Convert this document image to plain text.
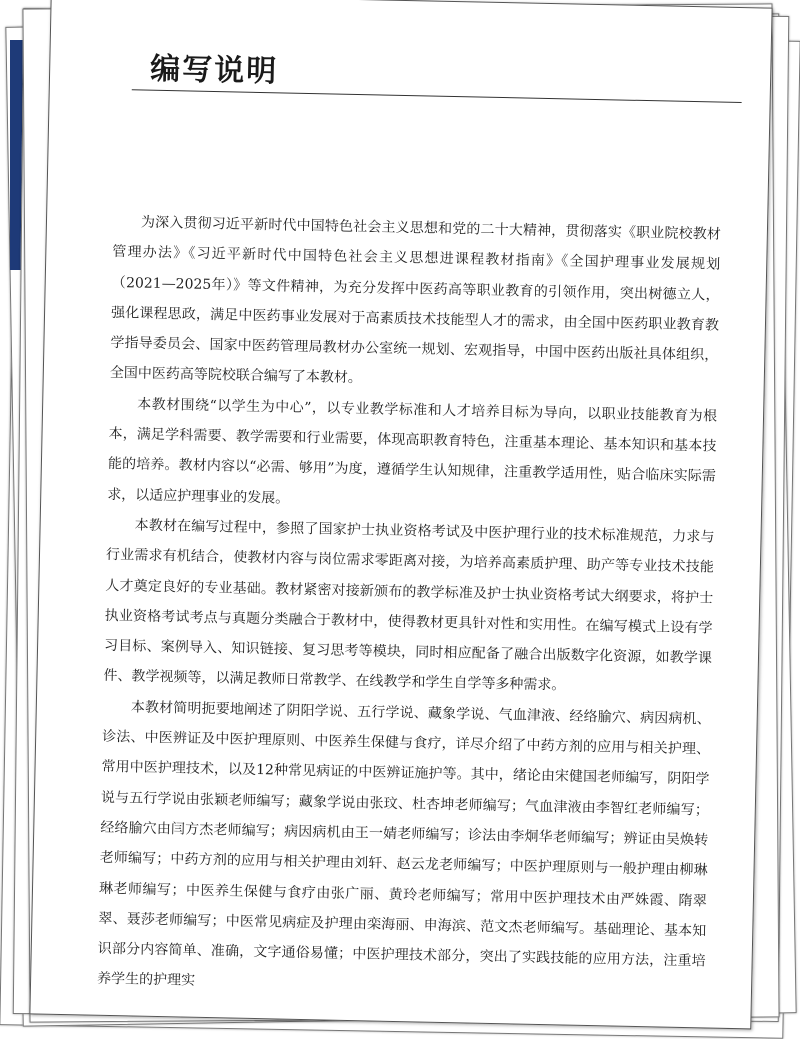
编写说明

为深入贯彻习近平新时代中国特色社会主义思想和党的二十大精神，贯彻落实《职业院校教材管理办法》《习近平新时代中国特色社会主义思想进课程教材指南》《全国护理事业发展规划（2021—2025年）》等文件精神，为充分发挥中医药高等职业教育的引领作用，突出树德立人，强化课程思政，满足中医药事业发展对于高素质技术技能型人才的需求，由全国中医药职业教育教学指导委员会、国家中医药管理局教材办公室统一规划、宏观指导，中国中医药出版社具体组织，全国中医药高等院校联合编写了本教材。

本教材围绕“以学生为中心”，以专业教学标准和人才培养目标为导向，以职业技能教育为根本，满足学科需要、教学需要和行业需要，体现高职教育特色，注重基本理论、基本知识和基本技能的培养。教材内容以“必需、够用”为度，遵循学生认知规律，注重教学适用性，贴合临床实际需求，以适应护理事业的发展。

本教材在编写过程中，参照了国家护士执业资格考试及中医护理行业的技术标准规范，力求与行业需求有机结合，使教材内容与岗位需求零距离对接，为培养高素质护理、助产等专业技术技能人才奠定良好的专业基础。教材紧密对接新颁布的教学标准及护士执业资格考试大纲要求，将护士执业资格考试考点与真题分类融合于教材中，使得教材更具针对性和实用性。在编写模式上设有学习目标、案例导入、知识链接、复习思考等模块，同时相应配备了融合出版数字化资源，如教学课件、教学视频等，以满足教师日常教学、在线教学和学生自学等多种需求。

本教材简明扼要地阐述了阴阳学说、五行学说、藏象学说、气血津液、经络腧穴、病因病机、诊法、中医辨证及中医护理原则、中医养生保健与食疗，详尽介绍了中药方剂的应用与相关护理、常用中医护理技术，以及12种常见病证的中医辨证施护等。其中，绪论由宋健国老师编写，阴阳学说与五行学说由张颖老师编写；藏象学说由张玟、杜杏坤老师编写；气血津液由李智红老师编写；经络腧穴由闫方杰老师编写；病因病机由王一婧老师编写；诊法由李炯华老师编写；辨证由吴焕转老师编写；中药方剂的应用与相关护理由刘轩、赵云龙老师编写；中医护理原则与一般护理由柳琳琳老师编写；中医养生保健与食疗由张广丽、黄玲老师编写；常用中医护理技术由严姝霞、隋翠翠、聂莎老师编写；中医常见病症及护理由栾海丽、申海滨、范文杰老师编写。基础理论、基本知识部分内容简单、准确，文字通俗易懂；中医护理技术部分，突出了实践技能的应用方法，注重培养学生的护理实
